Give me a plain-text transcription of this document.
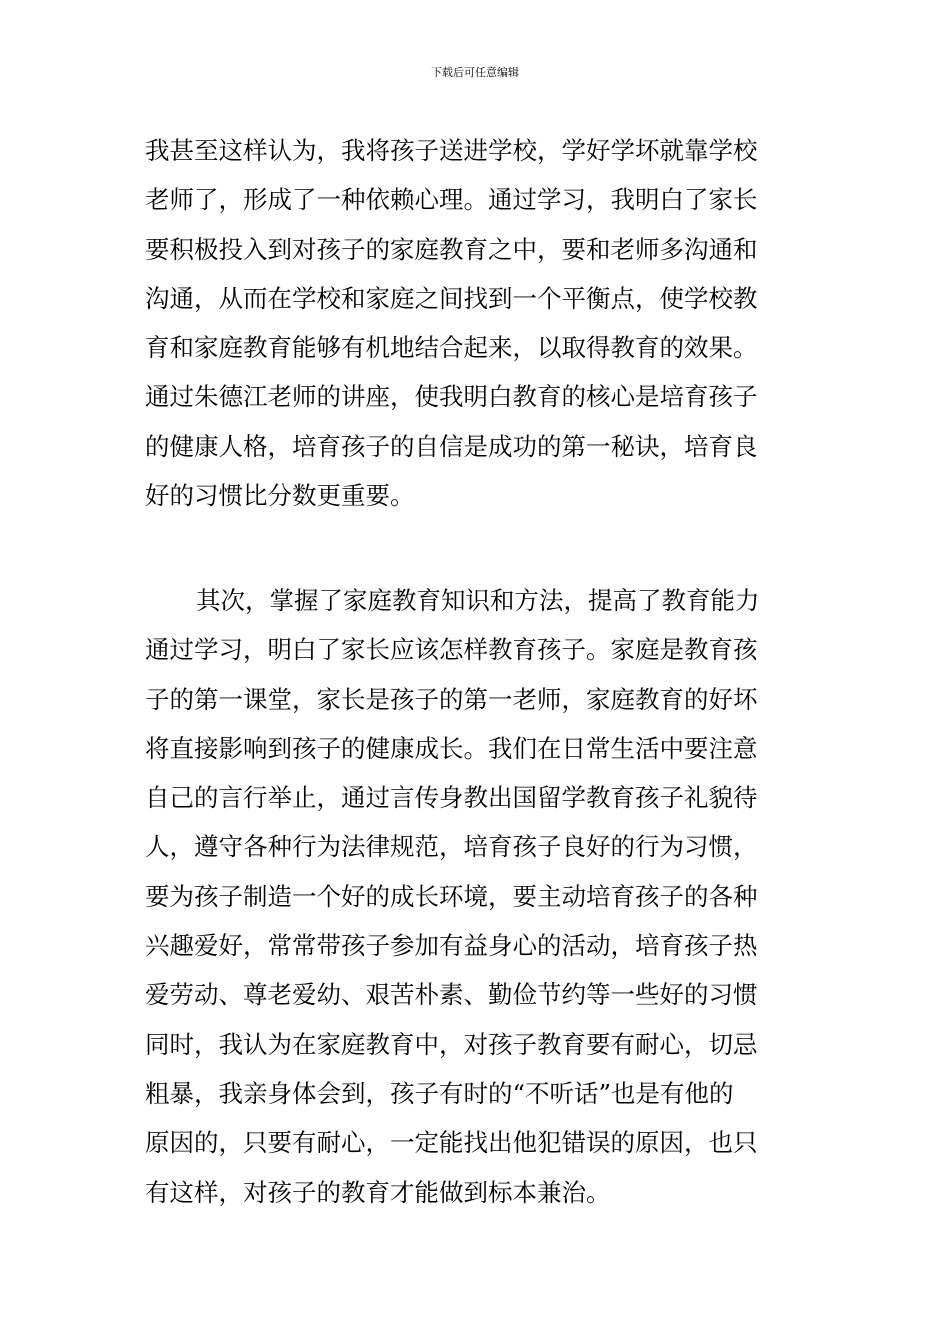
下载后可任意编辑
我甚至这样认为，我将孩子送进学校，学好学坏就靠学校
老师了，形成了一种依赖心理。通过学习，我明白了家长
要积极投入到对孩子的家庭教育之中，要和老师多沟通和
沟通，从而在学校和家庭之间找到一个平衡点，使学校教
育和家庭教育能够有机地结合起来，以取得教育的效果。
通过朱德江老师的讲座，使我明白教育的核心是培育孩子
的健康人格，培育孩子的自信是成功的第一秘诀，培育良
好的习惯比分数更重要。
其次，掌握了家庭教育知识和方法，提高了教育能力
通过学习，明白了家长应该怎样教育孩子。家庭是教育孩
子的第一课堂，家长是孩子的第一老师，家庭教育的好坏
将直接影响到孩子的健康成长。我们在日常生活中要注意
自己的言行举止，通过言传身教出国留学教育孩子礼貌待
人，遵守各种行为法律规范，培育孩子良好的行为习惯，
要为孩子制造一个好的成长环境，要主动培育孩子的各种
兴趣爱好，常常带孩子参加有益身心的活动，培育孩子热
爱劳动、尊老爱幼、艰苦朴素、勤俭节约等一些好的习惯
同时，我认为在家庭教育中，对孩子教育要有耐心，切忌
粗暴，我亲身体会到，孩子有时的“不听话”也是有他的
原因的，只要有耐心，一定能找出他犯错误的原因，也只
有这样，对孩子的教育才能做到标本兼治。
